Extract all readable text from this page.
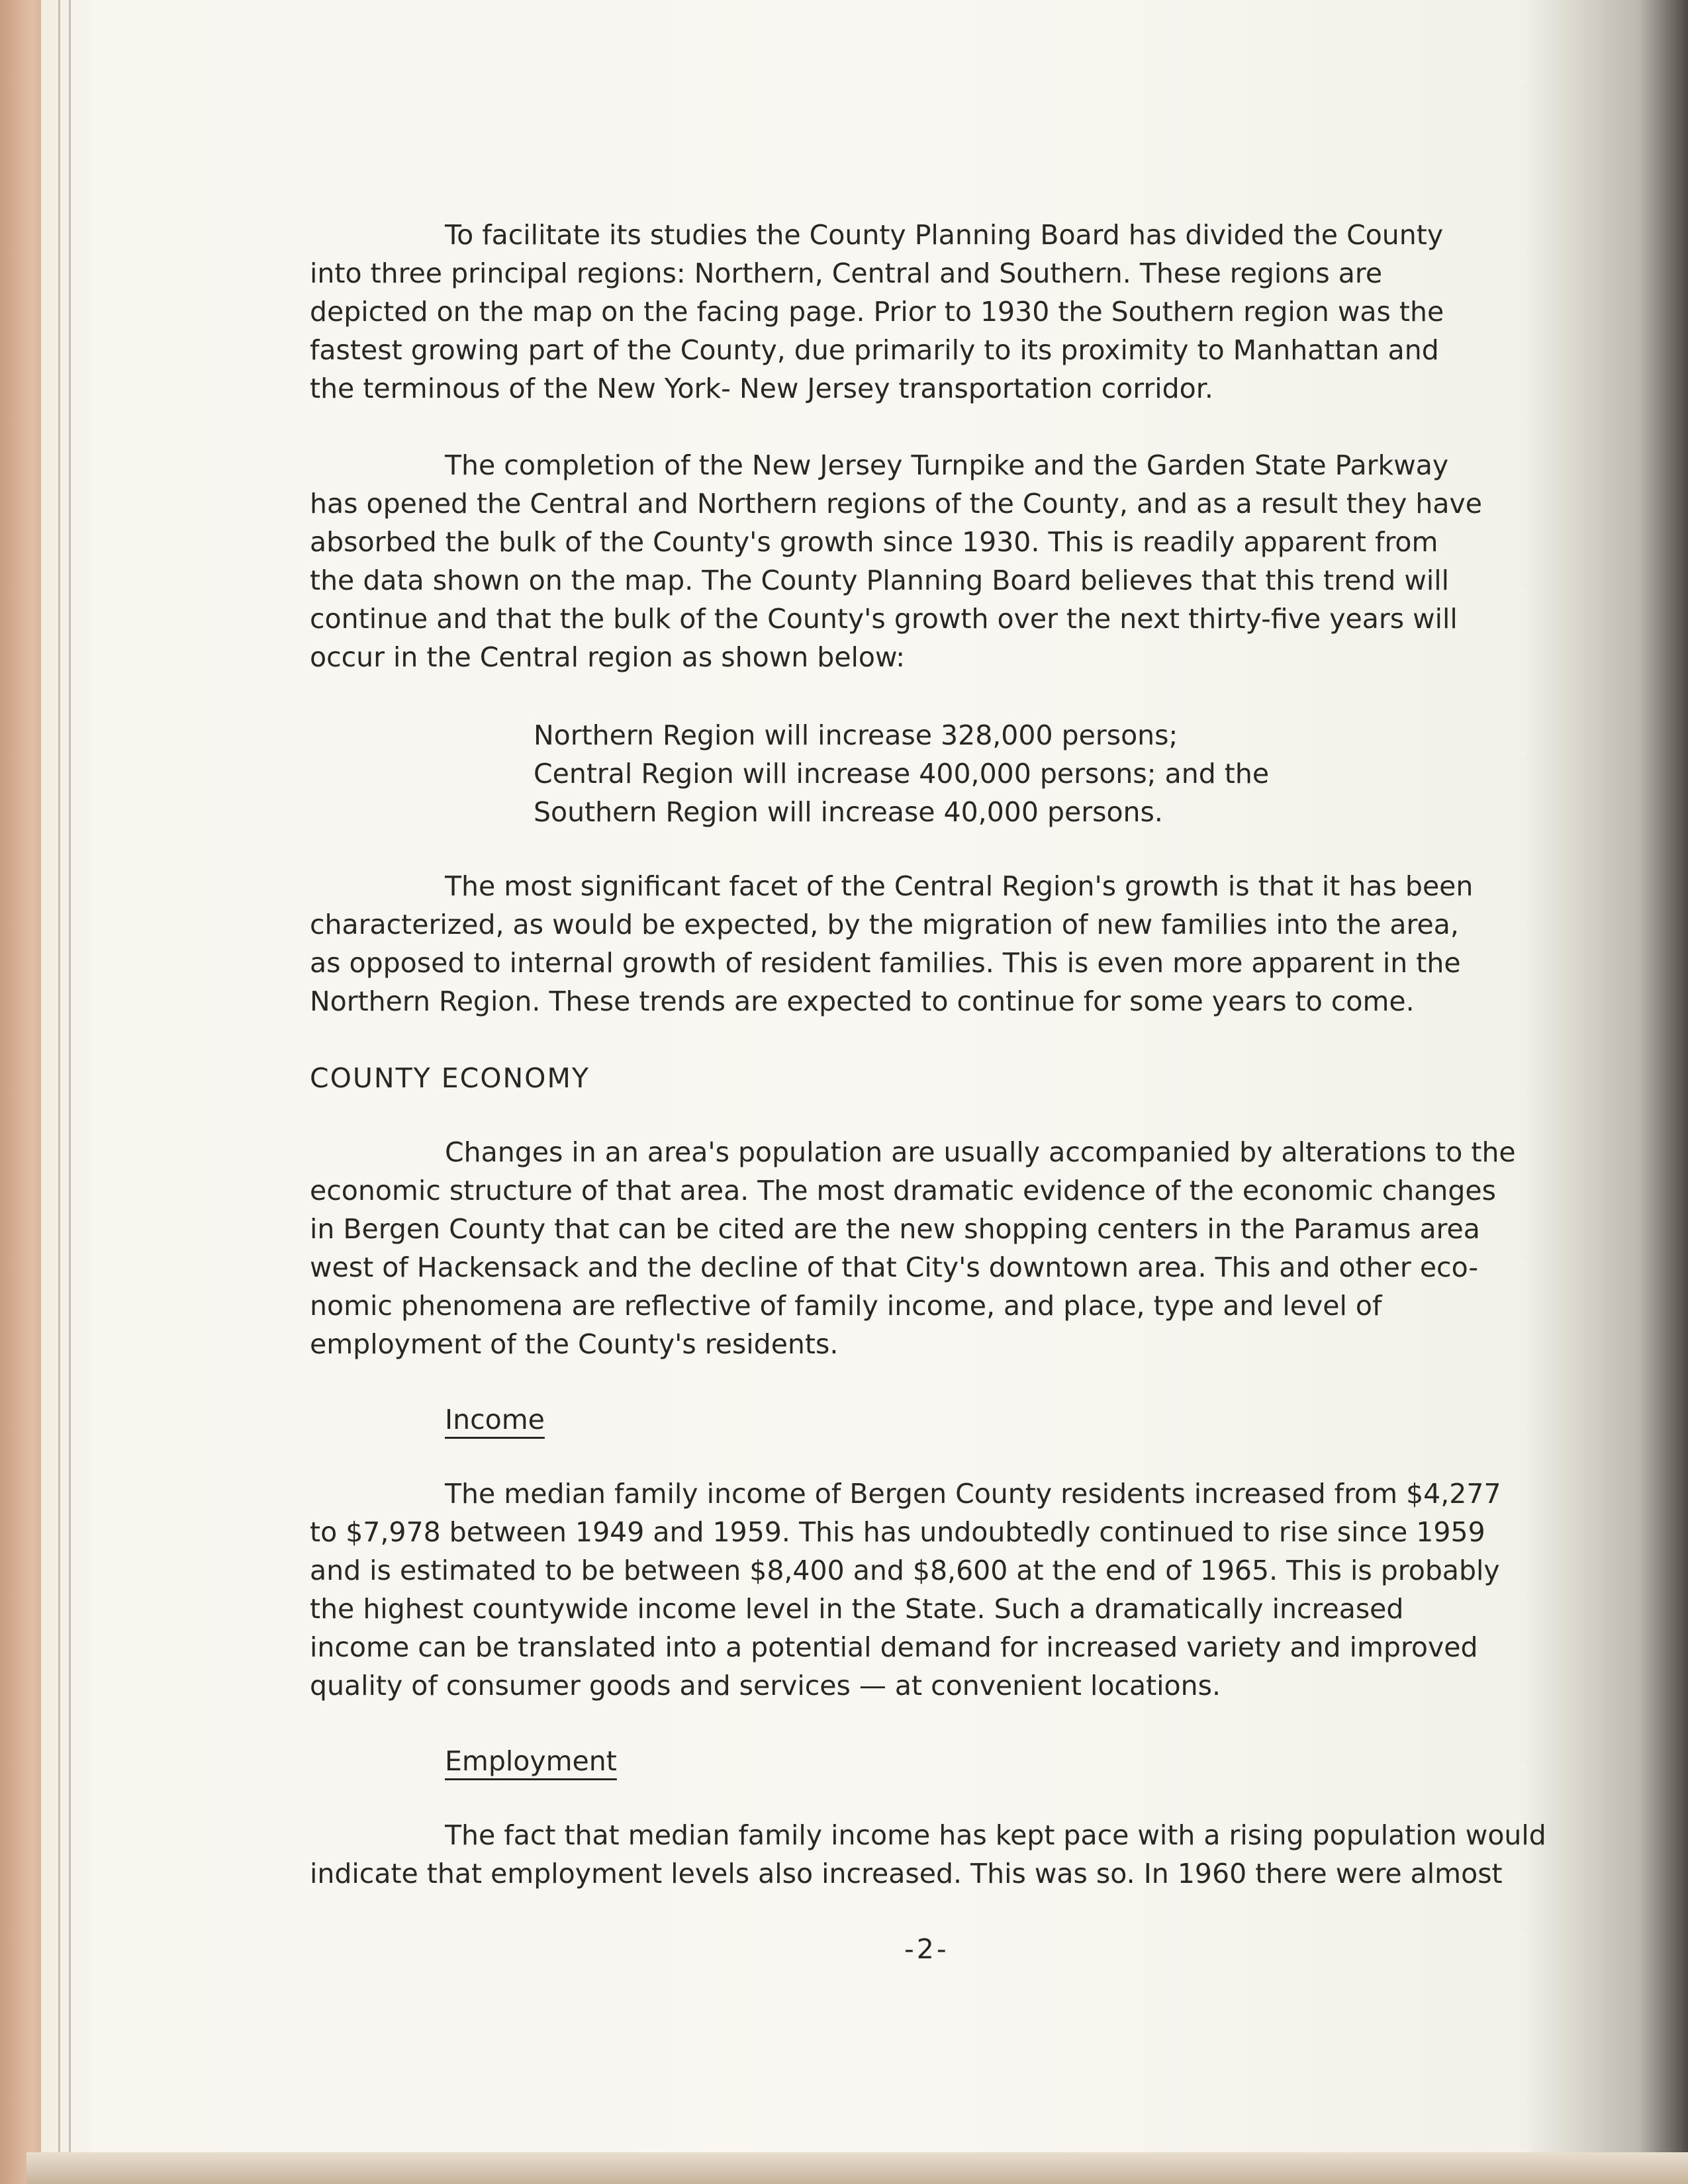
To facilitate its studies the County Planning Board has divided the County
into three principal regions: Northern, Central and Southern. These regions are
depicted on the map on the facing page. Prior to 1930 the Southern region was the
fastest growing part of the County, due primarily to its proximity to Manhattan and
the terminous of the New York- New Jersey transportation corridor.
The completion of the New Jersey Turnpike and the Garden State Parkway
has opened the Central and Northern regions of the County, and as a result they have
absorbed the bulk of the County's growth since 1930. This is readily apparent from
the data shown on the map. The County Planning Board believes that this trend will
continue and that the bulk of the County's growth over the next thirty-five years will
occur in the Central region as shown below:
Northern Region will increase 328,000 persons;
Central Region will increase 400,000 persons; and the
Southern Region will increase 40,000 persons.
The most significant facet of the Central Region's growth is that it has been
characterized, as would be expected, by the migration of new families into the area,
as opposed to internal growth of resident families. This is even more apparent in the
Northern Region. These trends are expected to continue for some years to come.
COUNTY ECONOMY
Changes in an area's population are usually accompanied by alterations to the
economic structure of that area. The most dramatic evidence of the economic changes
in Bergen County that can be cited are the new shopping centers in the Paramus area
west of Hackensack and the decline of that City's downtown area. This and other eco-
nomic phenomena are reflective of family income, and place, type and level of
employment of the County's residents.
Income
The median family income of Bergen County residents increased from $4,277
to $7,978 between 1949 and 1959. This has undoubtedly continued to rise since 1959
and is estimated to be between $8,400 and $8,600 at the end of 1965. This is probably
the highest countywide income level in the State. Such a dramatically increased
income can be translated into a potential demand for increased variety and improved
quality of consumer goods and services — at convenient locations.
Employment
The fact that median family income has kept pace with a rising population would
indicate that employment levels also increased. This was so. In 1960 there were almost
-2-
